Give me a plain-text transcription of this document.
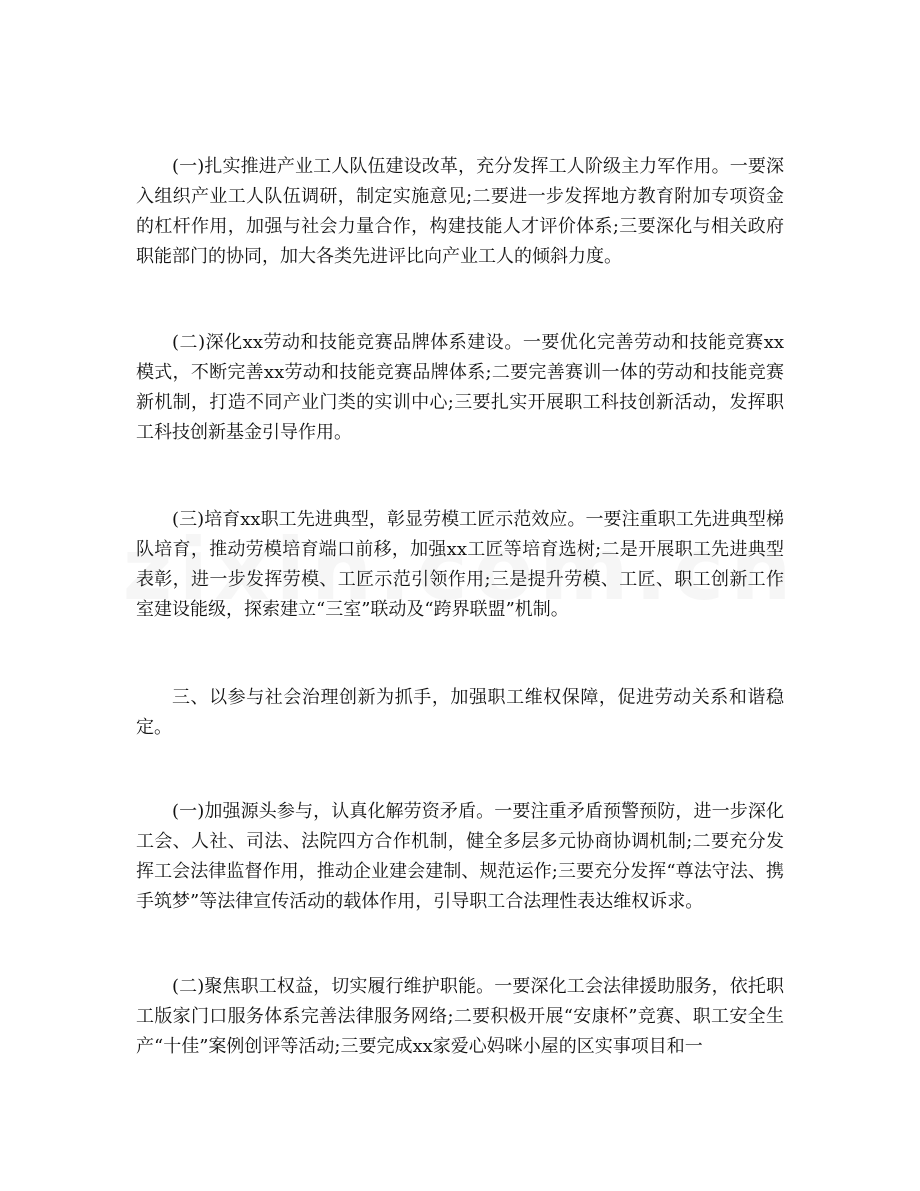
(一)扎实推进产业工人队伍建设改革，充分发挥工人阶级主力军作用。一要深入组织产业工人队伍调研，制定实施意见;二要进一步发挥地方教育附加专项资金的杠杆作用，加强与社会力量合作，构建技能人才评价体系;三要深化与相关政府职能部门的协同，加大各类先进评比向产业工人的倾斜力度。

(二)深化xx劳动和技能竞赛品牌体系建设。一要优化完善劳动和技能竞赛xx模式，不断完善xx劳动和技能竞赛品牌体系;二要完善赛训一体的劳动和技能竞赛新机制，打造不同产业门类的实训中心;三要扎实开展职工科技创新活动，发挥职工科技创新基金引导作用。

(三)培育xx职工先进典型，彰显劳模工匠示范效应。一要注重职工先进典型梯队培育，推动劳模培育端口前移，加强xx工匠等培育选树;二是开展职工先进典型表彰，进一步发挥劳模、工匠示范引领作用;三是提升劳模、工匠、职工创新工作室建设能级，探索建立“三室”联动及“跨界联盟”机制。

三、以参与社会治理创新为抓手，加强职工维权保障，促进劳动关系和谐稳定。

(一)加强源头参与，认真化解劳资矛盾。一要注重矛盾预警预防，进一步深化工会、人社、司法、法院四方合作机制，健全多层多元协商协调机制;二要充分发挥工会法律监督作用，推动企业建会建制、规范运作;三要充分发挥“尊法守法、携手筑梦”等法律宣传活动的载体作用，引导职工合法理性表达维权诉求。

(二)聚焦职工权益，切实履行维护职能。一要深化工会法律援助服务，依托职工版家门口服务体系完善法律服务网络;二要积极开展“安康杯”竞赛、职工安全生产“十佳”案例创评等活动;三要完成xx家爱心妈咪小屋的区实事项目和一
